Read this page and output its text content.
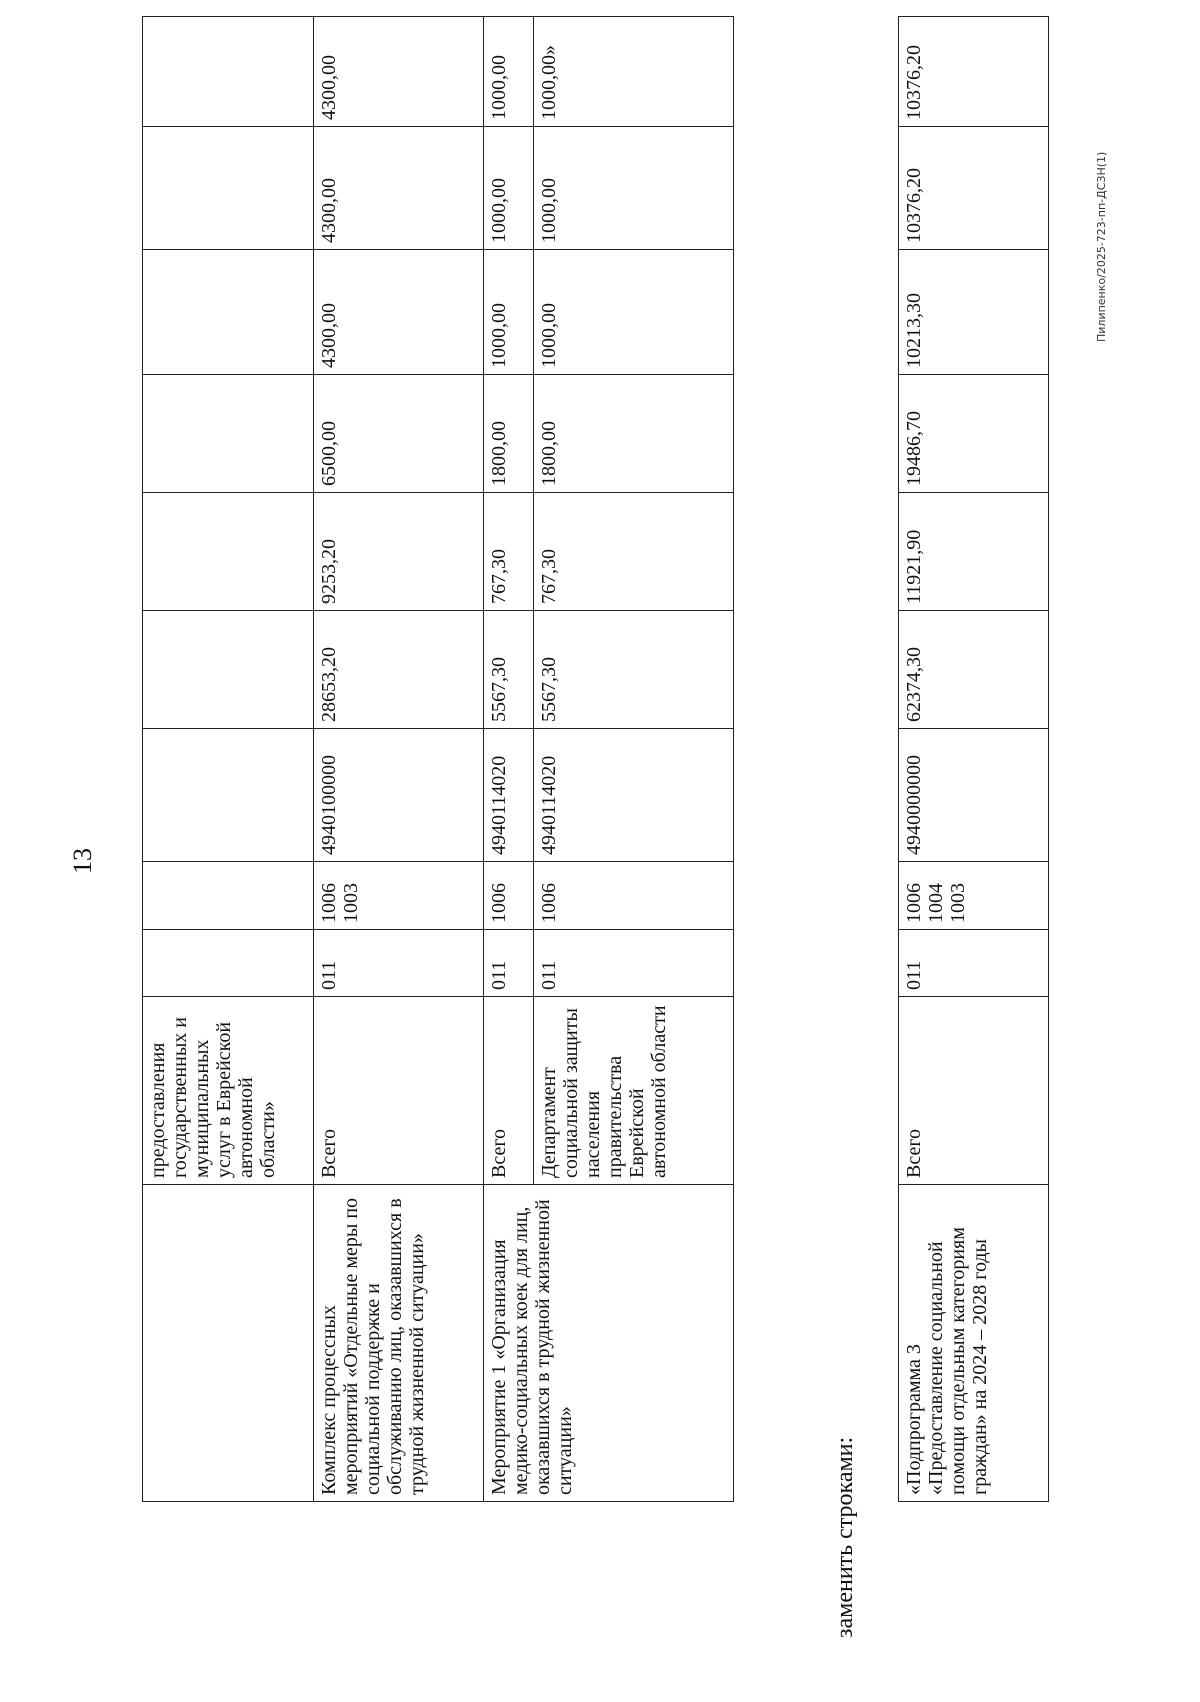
13
	предоставления государственных и муниципальных услуг в Еврейской автономной области»									
Комплекс процессных мероприятий «Отдельные меры по социальной поддержке и обслуживанию лиц, оказавшихся в трудной жизненной ситуации»	Всего	011	1006
1003	4940100000	28653,20	9253,20	6500,00	4300,00	4300,00	4300,00
Мероприятие 1 «Организация медико-социальных коек для лиц, оказавшихся в трудной жизненной ситуации»	Всего	011	1006	4940114020	5567,30	767,30	1800,00	1000,00	1000,00	1000,00
	Департамент социальной защиты населения правительства Еврейской автономной области	011	1006	4940114020	5567,30	767,30	1800,00	1000,00	1000,00	1000,00»
заменить строками:
«Подпрограмма 3 «Предоставление социальной помощи отдельным категориям граждан» на 2024 – 2028 годы	Всего	011	1006
1004
1003	4940000000	62374,30	11921,90	19486,70	10213,30	10376,20	10376,20
Пилипенко/2025-723-пп-ДСЗН(1)
